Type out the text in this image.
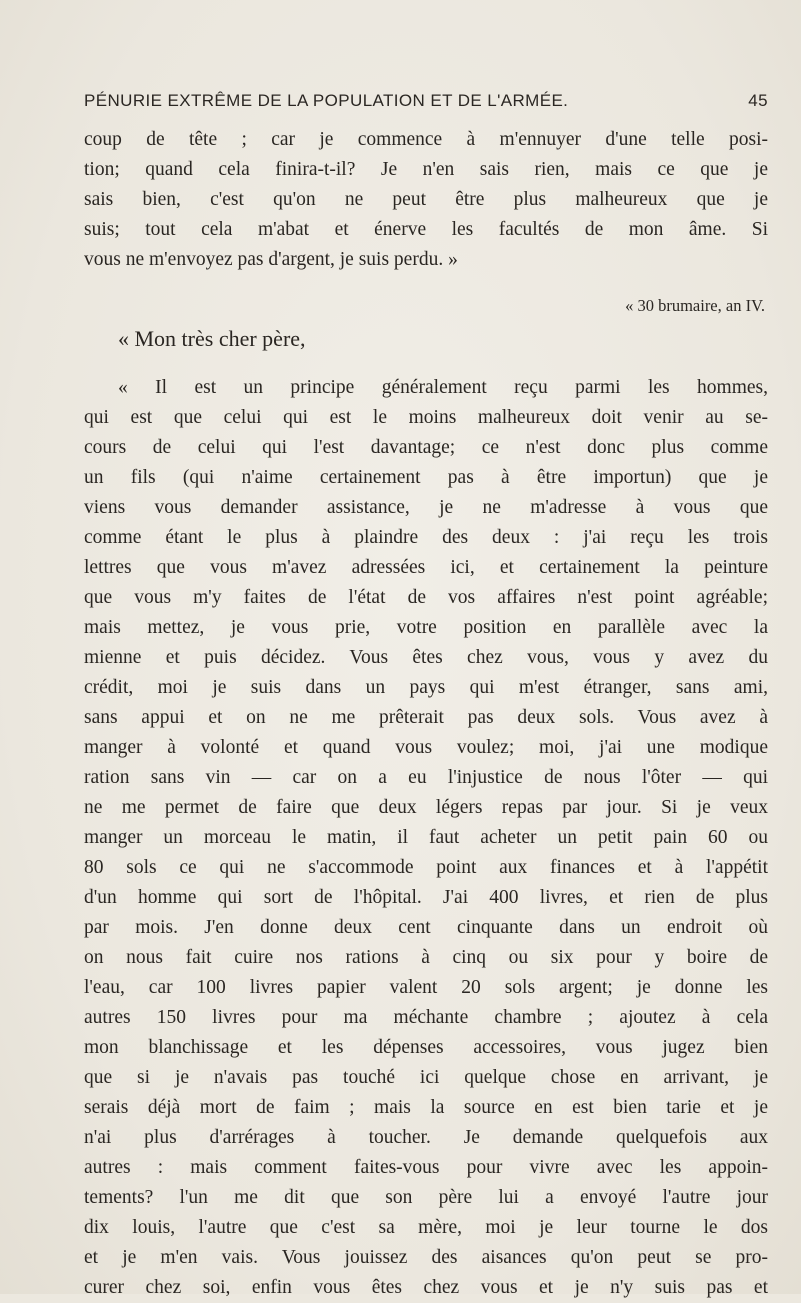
PÉNURIE EXTRÊME DE LA POPULATION ET DE L'ARMÉE.	45
coup de tête ; car je commence à m'ennuyer d'une telle posi-
tion; quand cela finira-t-il? Je n'en sais rien, mais ce que je
sais bien, c'est qu'on ne peut être plus malheureux que je
suis; tout cela m'abat et énerve les facultés de mon âme. Si
vous ne m'envoyez pas d'argent, je suis perdu. »
« 30 brumaire, an IV.
« Mon très cher père,
« Il est un principe généralement reçu parmi les hommes,
qui est que celui qui est le moins malheureux doit venir au se-
cours de celui qui l'est davantage; ce n'est donc plus comme
un fils (qui n'aime certainement pas à être importun) que je
viens vous demander assistance, je ne m'adresse à vous que
comme étant le plus à plaindre des deux : j'ai reçu les trois
lettres que vous m'avez adressées ici, et certainement la peinture
que vous m'y faites de l'état de vos affaires n'est point agréable;
mais mettez, je vous prie, votre position en parallèle avec la
mienne et puis décidez. Vous êtes chez vous, vous y avez du
crédit, moi je suis dans un pays qui m'est étranger, sans ami,
sans appui et on ne me prêterait pas deux sols. Vous avez à
manger à volonté et quand vous voulez; moi, j'ai une modique
ration sans vin — car on a eu l'injustice de nous l'ôter — qui
ne me permet de faire que deux légers repas par jour. Si je veux
manger un morceau le matin, il faut acheter un petit pain 60 ou
80 sols ce qui ne s'accommode point aux finances et à l'appétit
d'un homme qui sort de l'hôpital. J'ai 400 livres, et rien de plus
par mois. J'en donne deux cent cinquante dans un endroit où
on nous fait cuire nos rations à cinq ou six pour y boire de
l'eau, car 100 livres papier valent 20 sols argent; je donne les
autres 150 livres pour ma méchante chambre ; ajoutez à cela
mon blanchissage et les dépenses accessoires, vous jugez bien
que si je n'avais pas touché ici quelque chose en arrivant, je
serais déjà mort de faim ; mais la source en est bien tarie et je
n'ai plus d'arrérages à toucher. Je demande quelquefois aux
autres : mais comment faites-vous pour vivre avec les appoin-
tements? l'un me dit que son père lui a envoyé l'autre jour
dix louis, l'autre que c'est sa mère, moi je leur tourne le dos
et je m'en vais. Vous jouissez des aisances qu'on peut se pro-
curer chez soi, enfin vous êtes chez vous et je n'y suis pas et
